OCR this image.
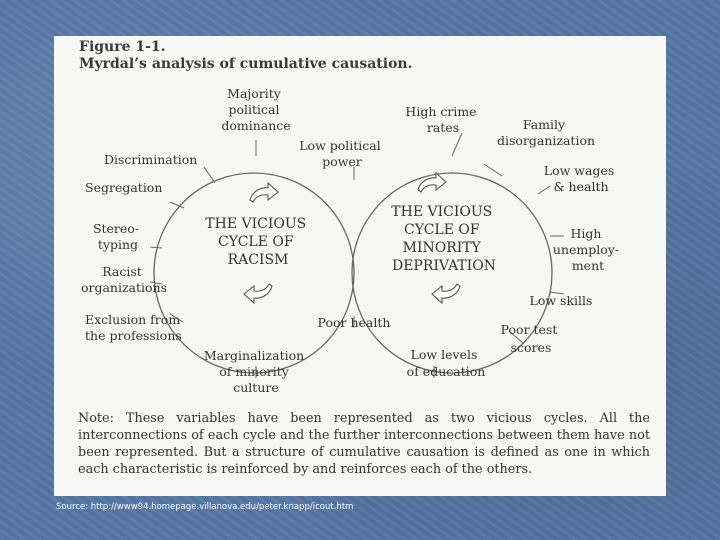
Figure 1-1.
Myrdal’s analysis of cumulative causation.
THE VICIOUS CYCLE OF RACISM
THE VICIOUS CYCLE OF MINORITY DEPRIVATION
Majority political dominance
Discrimination
Segregation
Stereo- typing
Racist organizations
Exclusion from the professions
Marginalization of minority culture
Low political power
Poor health
High crime rates	Family disorganization
Low wages & health
High unemploy- ment
Low skills
Poor test scores
Low levels of education
Note: These variables have been represented as two vicious cycles. All the interconnections of each cycle and the further interconnections between them have not been represented. But a structure of cumulative causation is defined as one in which each characteristic is reinforced by and reinforces each of the others.
Source: http://www94.homepage.villanova.edu/peter.knapp/icout.htm
